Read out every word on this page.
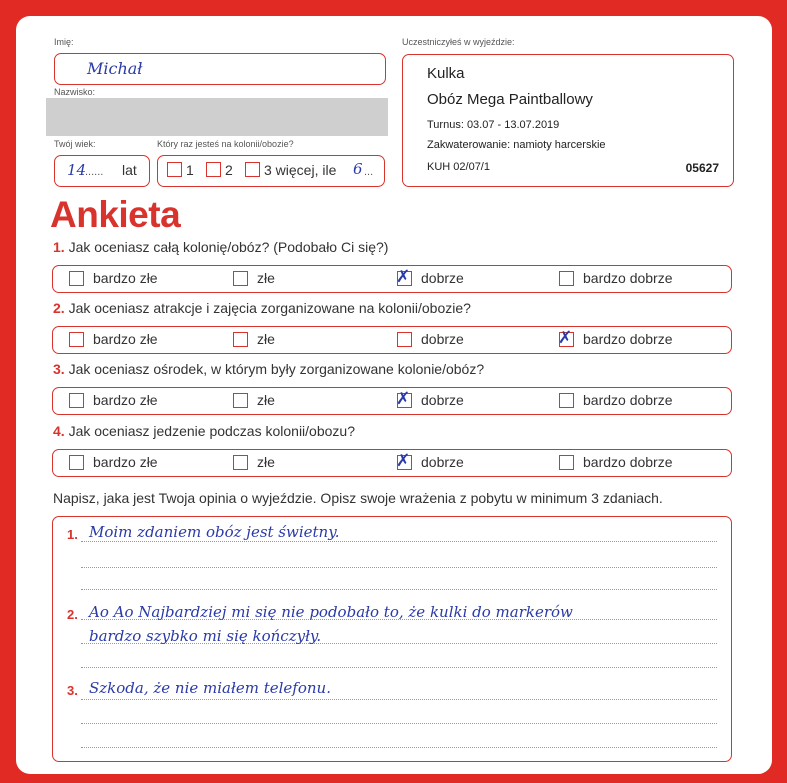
Imię:
Michał
Nazwisko:
Twój wiek:
14
...... lat
Który raz jesteś na kolonii/obozie?
1 2 3 więcej, ile 6 ...
Uczestniczyłeś w wyjeździe:
Kulka
Obóz Mega Paintballowy
Turnus: 03.07 - 13.07.2019
Zakwaterowanie: namioty harcerskie
KUH 02/07/1	05627
Ankieta
1. Jak oceniasz całą kolonię/obóz? (Podobało Ci się?)
bardzo złe	złe	✗ dobrze	bardzo dobrze
2. Jak oceniasz atrakcje i zajęcia zorganizowane na kolonii/obozie?
bardzo złe	złe	dobrze	✗ bardzo dobrze
3. Jak oceniasz ośrodek, w którym były zorganizowane kolonie/obóz?
bardzo złe	złe	✗ dobrze	bardzo dobrze
4. Jak oceniasz jedzenie podczas kolonii/obozu?
bardzo złe	złe	✗ dobrze	bardzo dobrze
Napisz, jaka jest Twoja opinia o wyjeździe. Opisz swoje wrażenia z pobytu w minimum 3 zdaniach.
1. Moim zdaniem obóz jest świetny.
2. Ao Ao Najbardziej mi się nie podobało to, że kulki do markerów
bardzo szybko mi się kończyły.
3. Szkoda, że nie miałem telefonu.
